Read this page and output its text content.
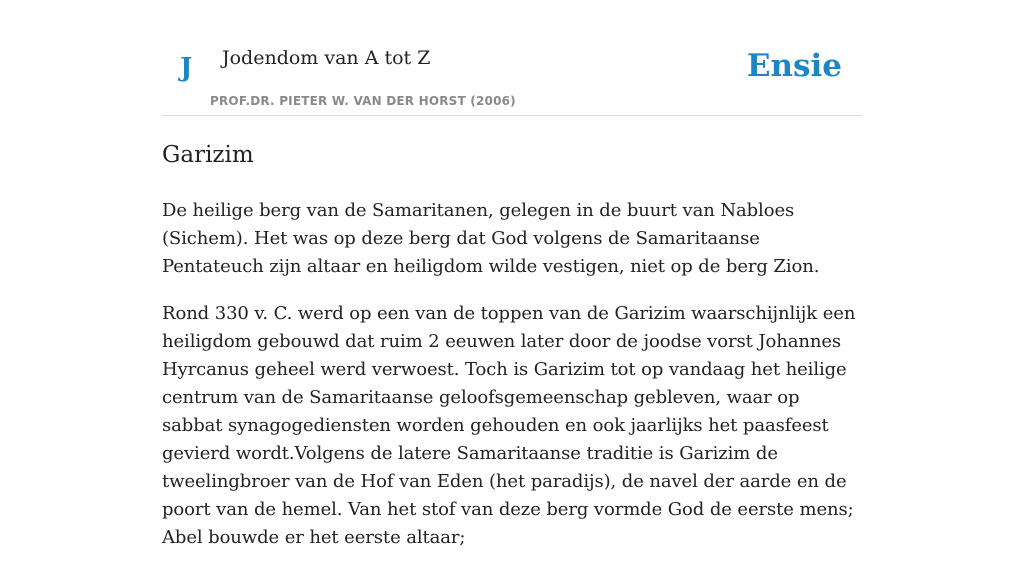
J Jodendom van A tot Z
PROF.DR. PIETER W. VAN DER HORST (2006)
Ensie
Garizim

De heilige berg van de Samaritanen, gelegen in de buurt van Nabloes (Sichem). Het was op deze berg dat God volgens de Samaritaanse Pentateuch zijn altaar en heiligdom wilde vestigen, niet op de berg Zion.

Rond 330 v. C. werd op een van de toppen van de Garizim waarschijnlijk een heiligdom gebouwd dat ruim 2 eeuwen later door de joodse vorst Johannes Hyrcanus geheel werd verwoest. Toch is Garizim tot op vandaag het heilige centrum van de Samaritaanse geloofsgemeenschap gebleven, waar op sabbat synagogediensten worden gehouden en ook jaarlijks het paasfeest gevierd wordt.Volgens de latere Samaritaanse traditie is Garizim de tweelingbroer van de Hof van Eden (het paradijs), de navel der aarde en de poort van de hemel. Van het stof van deze berg vormde God de eerste mens; Abel bouwde er het eerste altaar;
